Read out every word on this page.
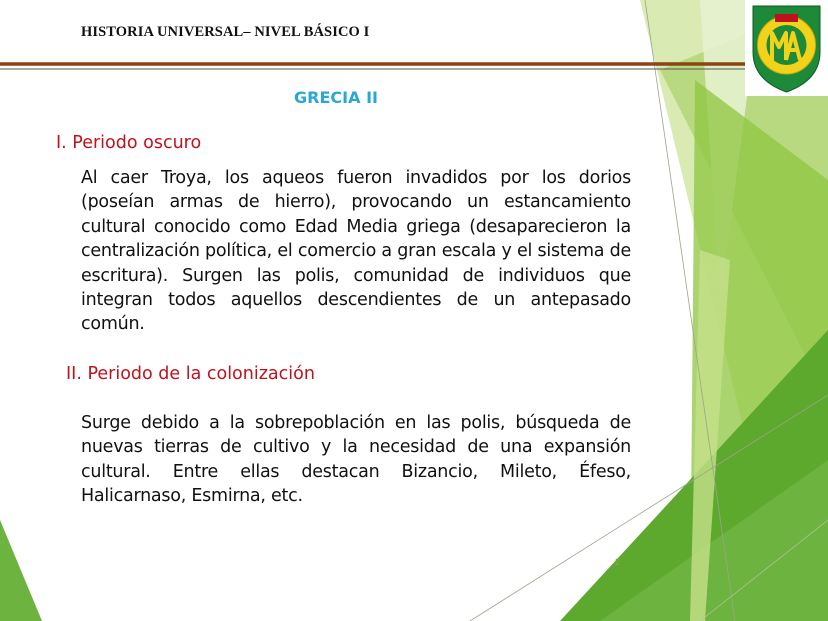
HISTORIA UNIVERSAL– NIVEL BÁSICO I
GRECIA II
I. Periodo oscuro
Al caer Troya, los aqueos fueron invadidos por los dorios (poseían armas de hierro), provocando un estancamiento cultural conocido como Edad Media griega (desaparecieron la centralización política, el comercio a gran escala y el sistema de escritura). Surgen las polis, comunidad de individuos que integran todos aquellos descendientes de un antepasado común.
II. Periodo de la colonización
Surge debido a la sobrepoblación en las polis, búsqueda de nuevas tierras de cultivo y la necesidad de una expansión cultural. Entre ellas destacan Bizancio, Mileto, Éfeso, Halicarnaso, Esmirna, etc.
2
